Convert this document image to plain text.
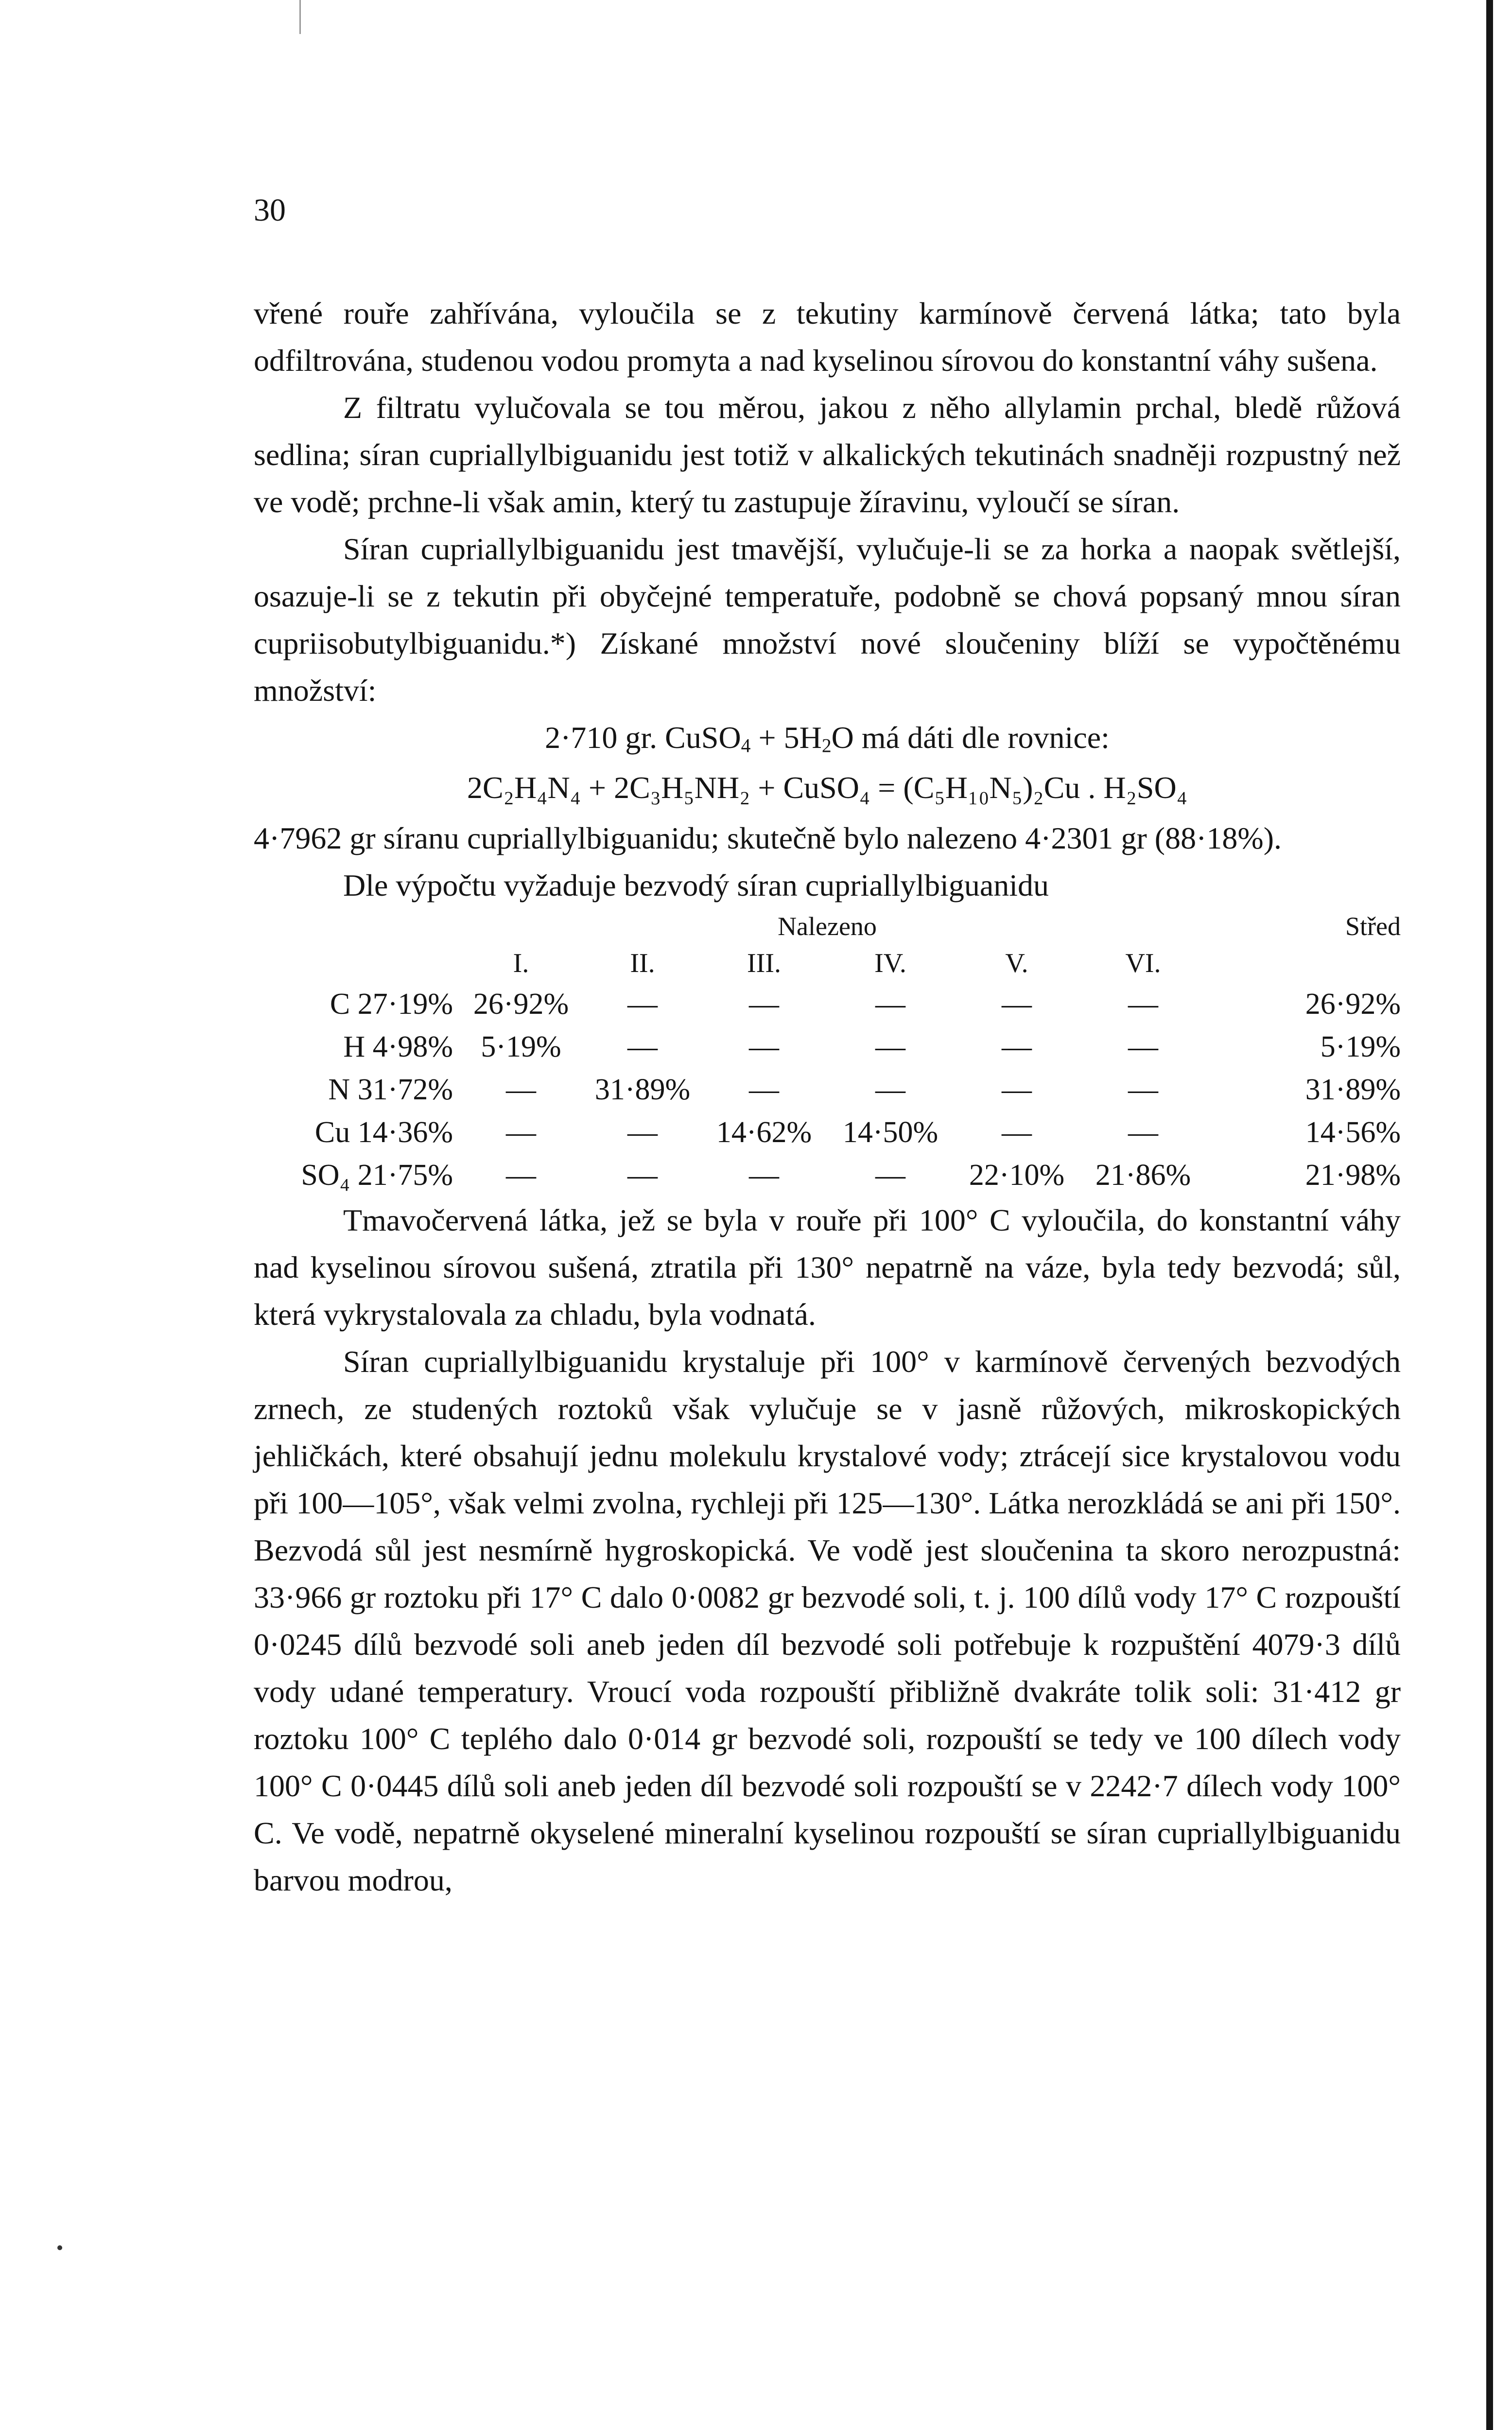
30

vřené rouře zahřívána, vyloučila se z tekutiny karmínově červená látka; tato byla odfiltrována, studenou vodou promyta a nad kyselinou sírovou do konstantní váhy sušena.

Z filtratu vylučovala se tou měrou, jakou z něho allylamin prchal, bledě růžová sedlina; síran cuprіallylbiguanidu jest totiž v alkalických tekutinách snadněji rozpustný než ve vodě; prchne-li však amin, který tu zastupuje žíravinu, vyloučí se síran.

Síran cupriallylbiguanidu jest tmavější, vylučuje-li se za horka a naopak světlejší, osazuje-li se z tekutin při obyčejné temperatuře, podobně se chová popsaný mnou síran cupriisobutylbiguanidu.*) Získané množství nové sloučeniny blíží se vypočtěnému množství:

2·710 gr. CuSO$_4$ + $5H_2O$ má dáti dle rovnice:
2C₂H₄N₄ + 2C₃H₅NH₂ + CuSO₄ = (C₅H₁₀N₅)₂Cu . H₂SO₄

4·7962 gr síranu cupriallylbiguanidu; skutečně bylo nalezeno 4·2301 gr (88·18%).

Dle výpočtu vyžaduje bezvodý síran cupriallylbiguanidu

			Nalezeno				Střed
	I.	II.	III.	IV.	V.	VI.	
C 27·19%	26·92%	—	—	—	—	—	26·92%
H 4·98%	5·19%	—	—	—	—	—	5·19%
N 31·72%	—	31·89%	—	—	—	—	31·89%
Cu 14·36%	—	—	14·62%	14·50%	—	—	14·56%
SO₄ 21·75%	—	—	—	—	22·10%	21·86%	21·98%

Tmavočervená látka, jež se byla v rouře při 100° C vyloučila, do konstantní váhy nad kyselinou sírovou sušená, ztratila při 130° nepatrně na váze, byla tedy bezvodá; sůl, která vykrystalovala za chladu, byla vodnatá.

Síran cupriallylbiguanidu krystaluje při 100° v karmínově červených bezvodých zrnech, ze studených roztoků však vylučuje se v jasně růžových, mikroskopických jehličkách, které obsahují jednu molekulu krystalové vody; ztrácejí sice krystalovou vodu při 100—105°, však velmi zvolna, rychleji při 125—130°. Látka nerozkládá se ani při 150°. Bezvodá sůl jest nesmírně hygroskopická. Ve vodě jest sloučenina ta skoro nerozpustná: 33·966 gr roztoku při 17° C dalo 0·0082 gr bezvodé soli, t. j. 100 dílů vody 17° C rozpouští 0·0245 dílů bezvodé soli aneb jeden díl bezvodé soli potřebuje k rozpuštění 4079·3 dílů vody udané temperatury. Vroucí voda rozpouští přibližně dvakráte tolik soli: 31·412 gr roztoku 100° C teplého dalo 0·014 gr bezvodé soli, rozpouští se tedy ve 100 dílech vody 100° C 0·0445 dílů soli aneb jeden díl bezvodé soli rozpouští se v 2242·7 dílech vody 100° C. Ve vodě, nepatrně okyselené mineralní kyselinou rozpouští se síran cupriallylbiguanidu barvou modrou,
